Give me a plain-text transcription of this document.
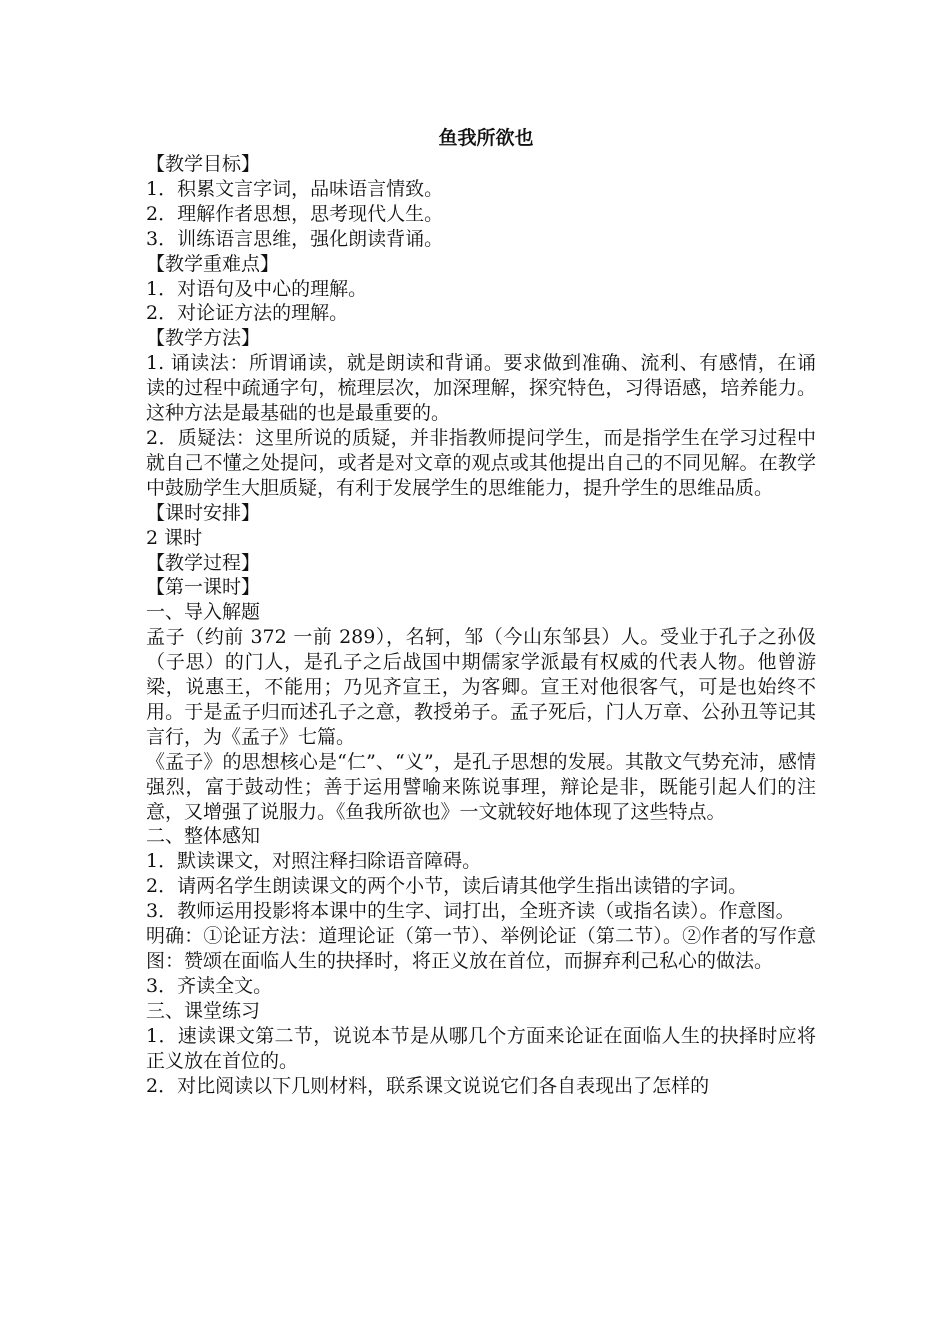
鱼我所欲也

【教学目标】

1．积累文言字词，品味语言情致。

2．理解作者思想，思考现代人生。

3．训练语言思维，强化朗读背诵。

【教学重难点】

1．对语句及中心的理解。

2．对论证方法的理解。

【教学方法】

1. 诵读法：所谓诵读，就是朗读和背诵。要求做到准确、流利、有感情，在诵读的过程中疏通字句，梳理层次，加深理解，探究特色，习得语感，培养能力。这种方法是最基础的也是最重要的。

2．质疑法：这里所说的质疑，并非指教师提问学生，而是指学生在学习过程中就自己不懂之处提问，或者是对文章的观点或其他提出自己的不同见解。在教学中鼓励学生大胆质疑，有利于发展学生的思维能力，提升学生的思维品质。

【课时安排】

2 课时

【教学过程】

【第一课时】

一、导入解题

孟子（约前 372 一前 289），名轲，邹（今山东邹县）人。受业于孔子之孙伋（子思）的门人，是孔子之后战国中期儒家学派最有权威的代表人物。他曾游梁，说惠王，不能用；乃见齐宣王，为客卿。宣王对他很客气，可是也始终不用。于是孟子归而述孔子之意，教授弟子。孟子死后，门人万章、公孙丑等记其言行，为《孟子》七篇。

《孟子》的思想核心是“仁”、“义”，是孔子思想的发展。其散文气势充沛，感情强烈，富于鼓动性；善于运用譬喻来陈说事理，辩论是非，既能引起人们的注意，又增强了说服力。《鱼我所欲也》一文就较好地体现了这些特点。

二、整体感知

1．默读课文，对照注释扫除语音障碍。

2．请两名学生朗读课文的两个小节，读后请其他学生指出读错的字词。

3．教师运用投影将本课中的生字、词打出，全班齐读（或指名读）。作意图。

明确：①论证方法：道理论证（第一节）、举例论证（第二节）。②作者的写作意图：赞颂在面临人生的抉择时，将正义放在首位，而摒弃利己私心的做法。

3．齐读全文。

三、课堂练习

1．速读课文第二节，说说本节是从哪几个方面来论证在面临人生的抉择时应将正义放在首位的。

2．对比阅读以下几则材料，联系课文说说它们各自表现出了怎样的
